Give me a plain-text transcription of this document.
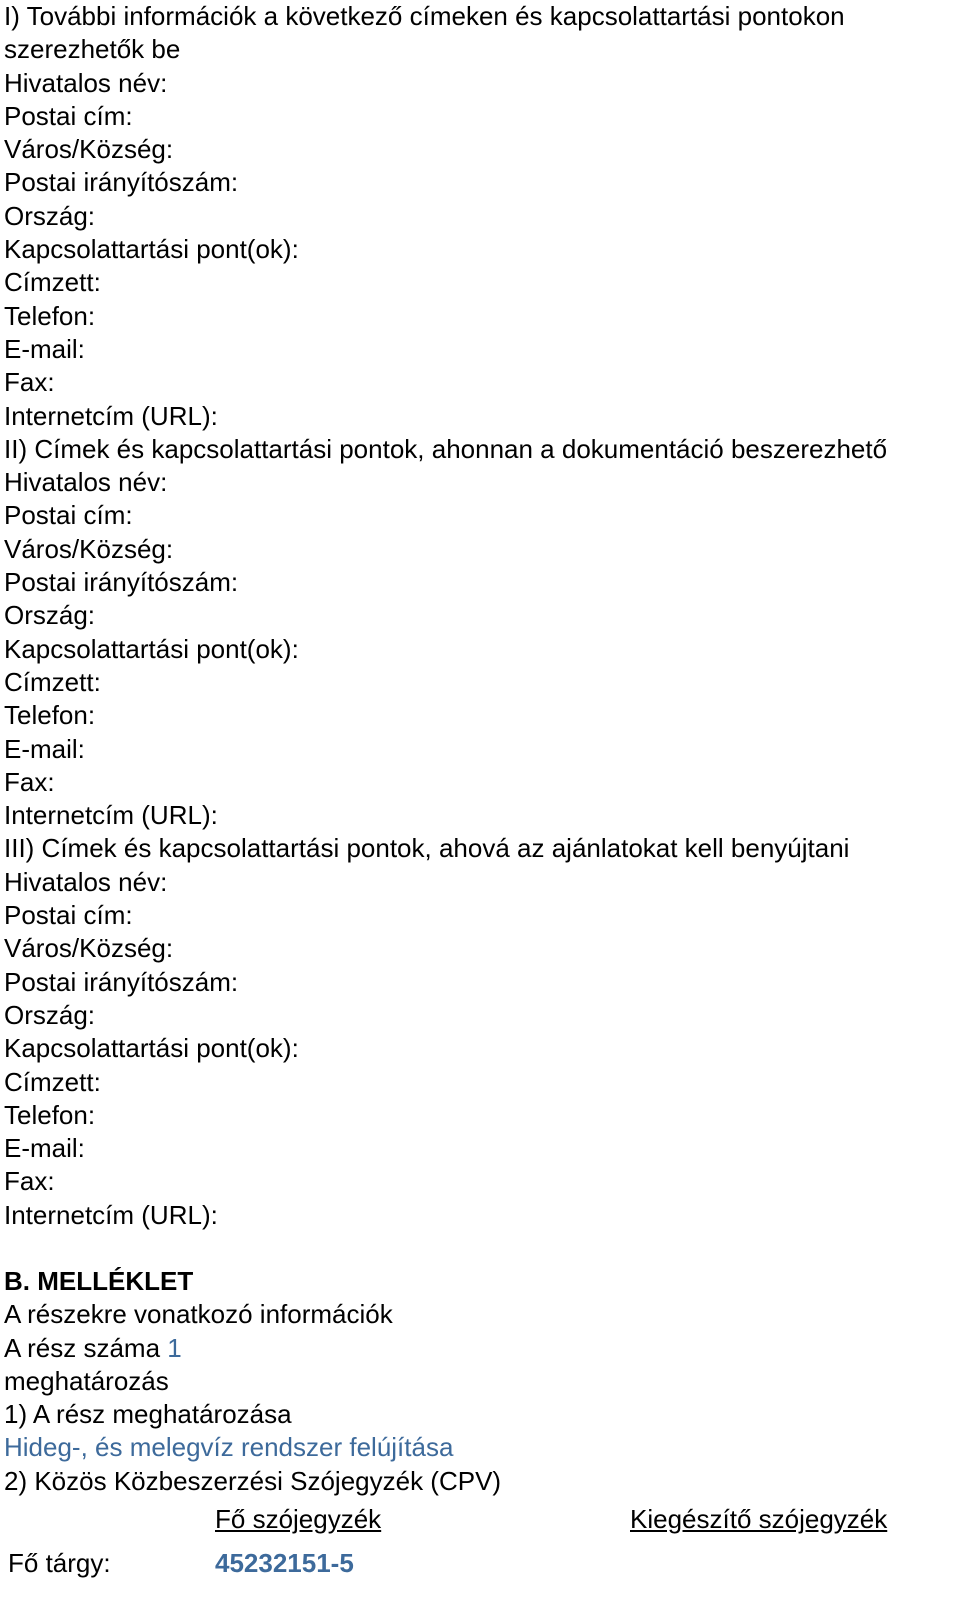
I) További információk a következő címeken és kapcsolattartási pontokon szerezhetők be
Hivatalos név:
Postai cím:
Város/Község:
Postai irányítószám:
Ország:
Kapcsolattartási pont(ok):
Címzett:
Telefon:
E-mail:
Fax:
Internetcím (URL):
II) Címek és kapcsolattartási pontok, ahonnan a dokumentáció beszerezhető
Hivatalos név:
Postai cím:
Város/Község:
Postai irányítószám:
Ország:
Kapcsolattartási pont(ok):
Címzett:
Telefon:
E-mail:
Fax:
Internetcím (URL):
III) Címek és kapcsolattartási pontok, ahová az ajánlatokat kell benyújtani
Hivatalos név:
Postai cím:
Város/Község:
Postai irányítószám:
Ország:
Kapcsolattartási pont(ok):
Címzett:
Telefon:
E-mail:
Fax:
Internetcím (URL):
B. MELLÉKLET
A részekre vonatkozó információk
A rész száma 1
meghatározás
1) A rész meghatározása
Hideg-, és melegvíz rendszer felújítása
2) Közös Közbeszerzési Szójegyzék (CPV)
Fő szójegyzék	Kiegészítő szójegyzék
Fő tárgy:	45232151-5
